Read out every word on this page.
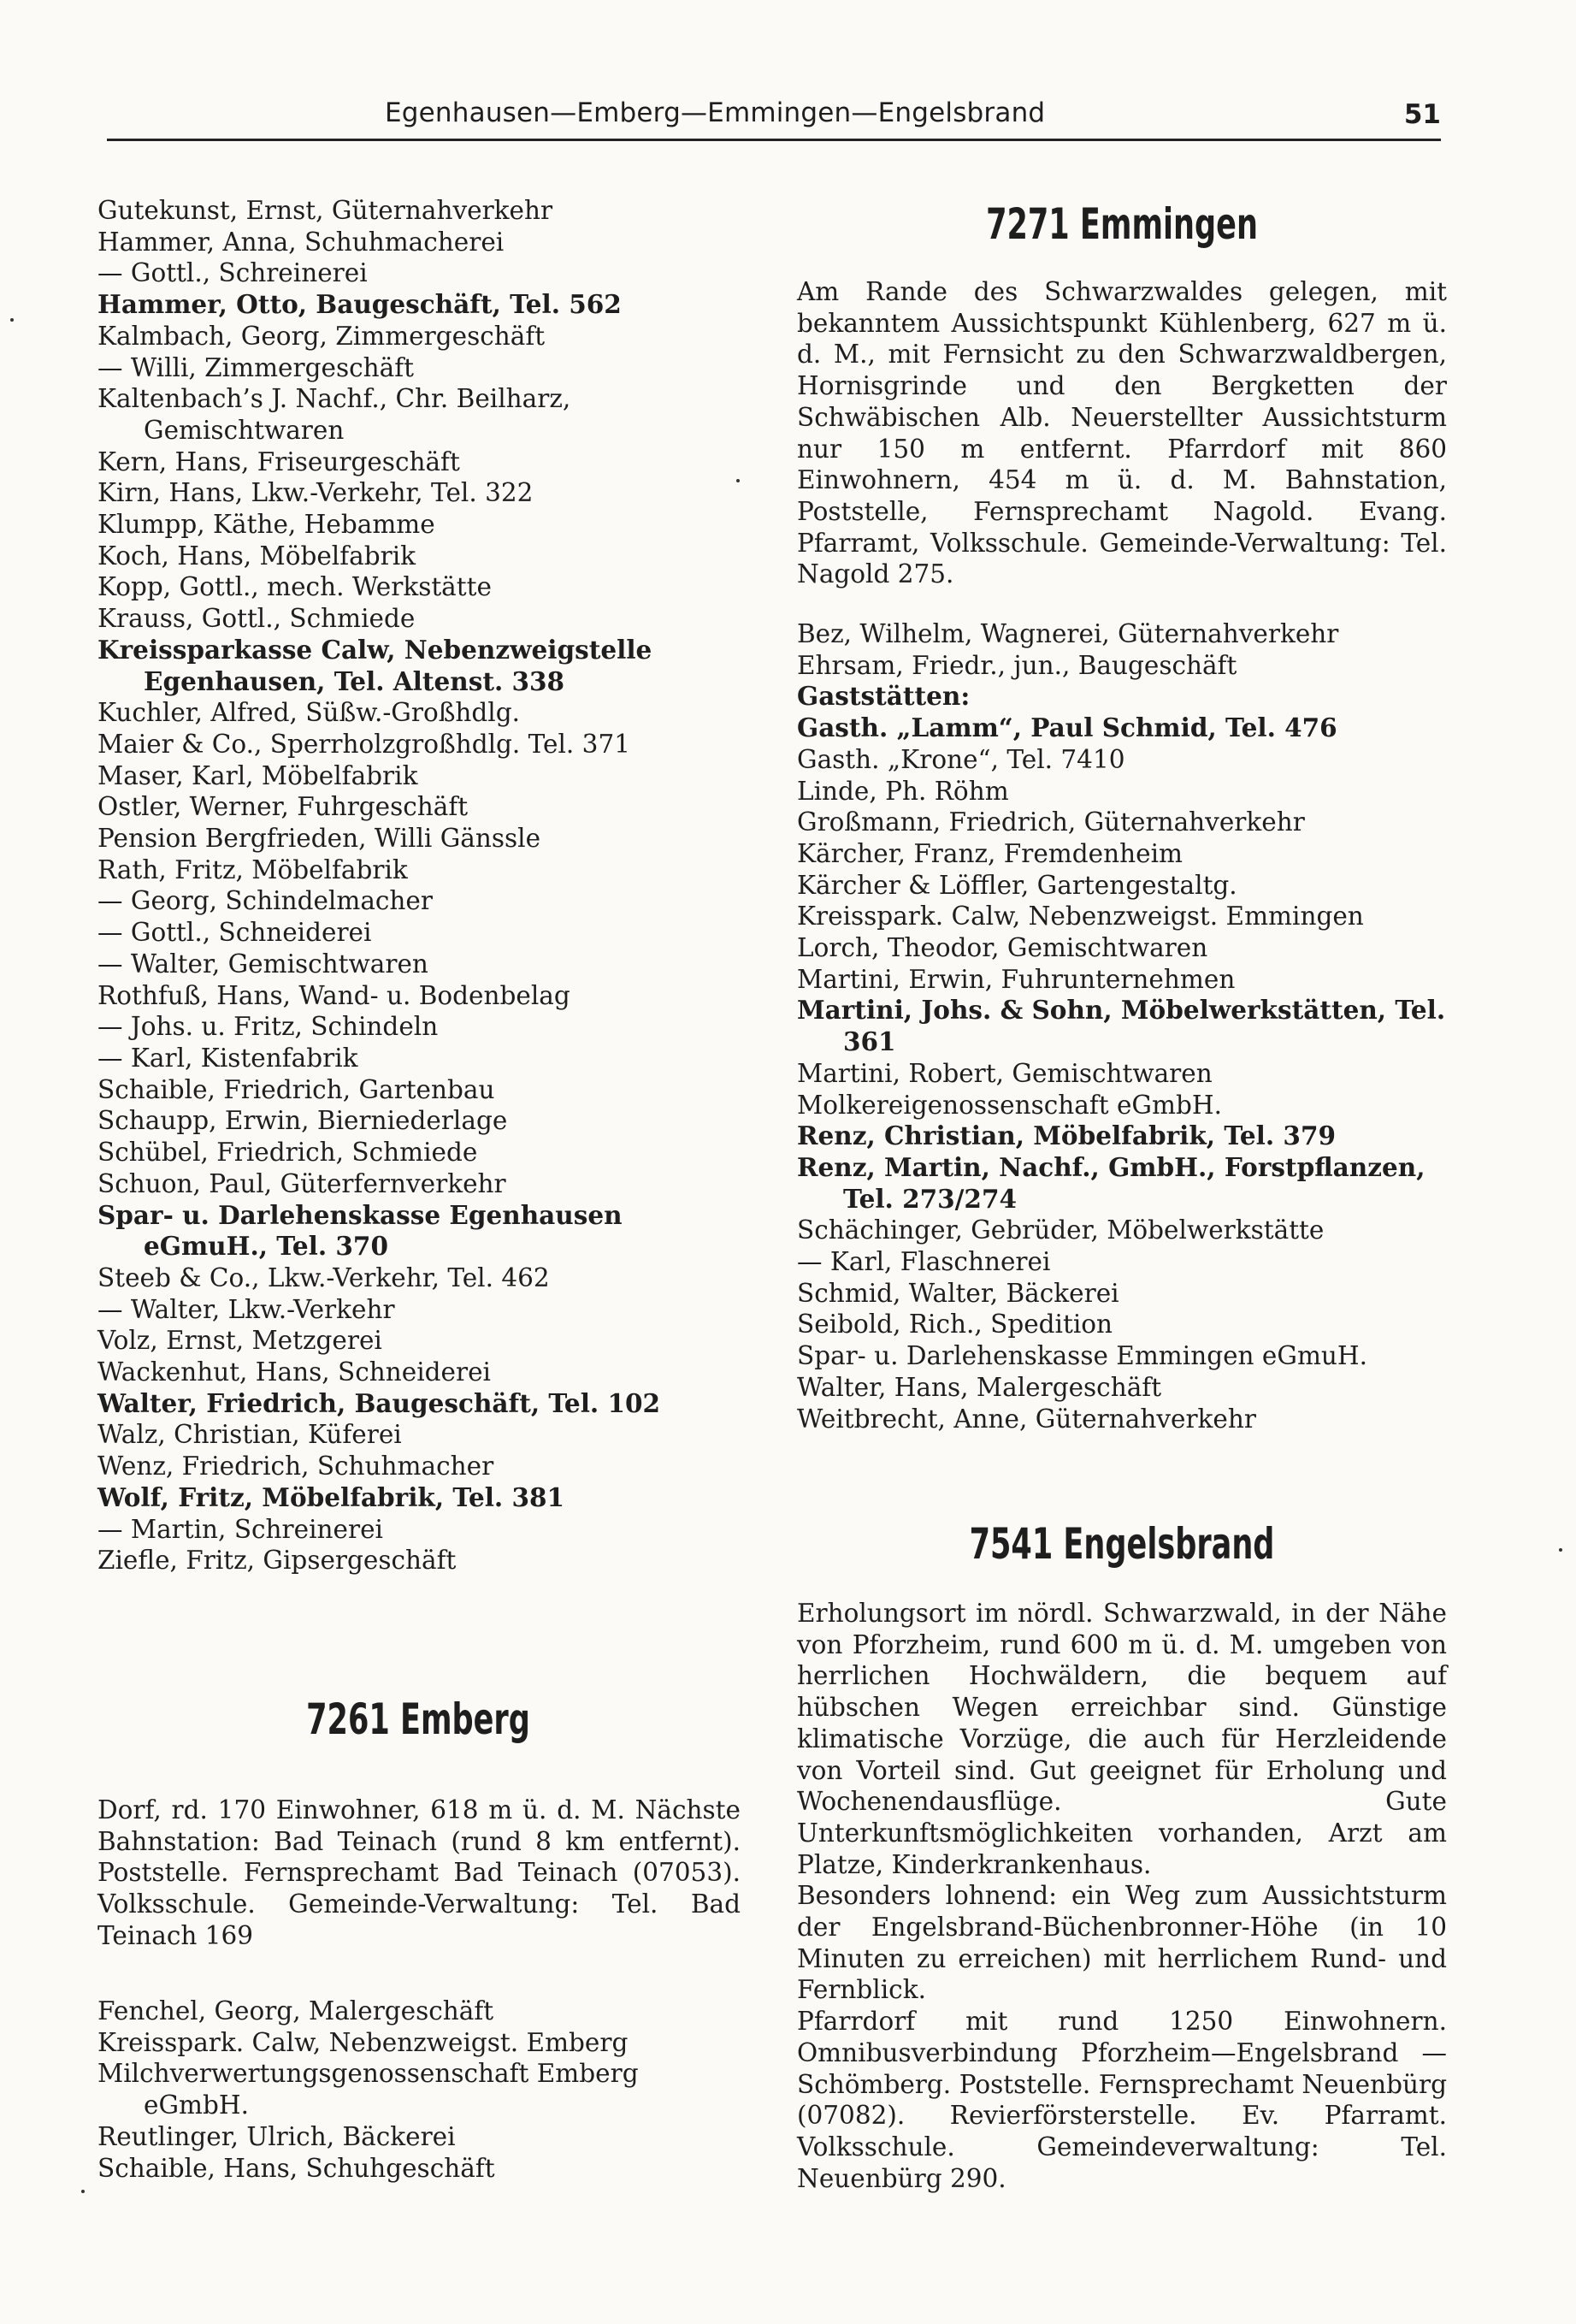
Egenhausen—Emberg—Emmingen—Engelsbrand	51

Gutekunst, Ernst, Güternahverkehr

Hammer, Anna, Schuhmacherei

— Gottl., Schreinerei

Hammer, Otto, Baugeschäft, Tel. 562

Kalmbach, Georg, Zimmergeschäft

— Willi, Zimmergeschäft

Kaltenbach’s J. Nachf., Chr. Beilharz, Gemischtwaren

Kern, Hans, Friseurgeschäft

Kirn, Hans, Lkw.-Verkehr, Tel. 322

Klumpp, Käthe, Hebamme

Koch, Hans, Möbelfabrik

Kopp, Gottl., mech. Werkstätte

Krauss, Gottl., Schmiede

Kreissparkasse Calw, Nebenzweigstelle Egenhausen, Tel. Altenst. 338

Kuchler, Alfred, Süßw.-Großhdlg.

Maier & Co., Sperrholzgroßhdlg. Tel. 371

Maser, Karl, Möbelfabrik

Ostler, Werner, Fuhrgeschäft

Pension Bergfrieden, Willi Gänssle

Rath, Fritz, Möbelfabrik

— Georg, Schindelmacher

— Gottl., Schneiderei

— Walter, Gemischtwaren

Rothfuß, Hans, Wand- u. Bodenbelag

— Johs. u. Fritz, Schindeln

— Karl, Kistenfabrik

Schaible, Friedrich, Gartenbau

Schaupp, Erwin, Bierniederlage

Schübel, Friedrich, Schmiede

Schuon, Paul, Güterfernverkehr

Spar- u. Darlehenskasse Egenhausen eGmuH., Tel. 370

Steeb & Co., Lkw.-Verkehr, Tel. 462

— Walter, Lkw.-Verkehr

Volz, Ernst, Metzgerei

Wackenhut, Hans, Schneiderei

Walter, Friedrich, Baugeschäft, Tel. 102

Walz, Christian, Küferei

Wenz, Friedrich, Schuhmacher

Wolf, Fritz, Möbelfabrik, Tel. 381

— Martin, Schreinerei

Ziefle, Fritz, Gipsergeschäft

7261 Emberg

Dorf, rd. 170 Einwohner, 618 m ü. d. M. Nächste Bahnstation: Bad Teinach (rund 8 km entfernt). Poststelle. Fernsprechamt Bad Teinach (07053). Volksschule. Gemeinde-Verwaltung: Tel. Bad Teinach 169

Fenchel, Georg, Malergeschäft

Kreisspark. Calw, Nebenzweigst. Emberg

Milchverwertungsgenossenschaft Emberg eGmbH.

Reutlinger, Ulrich, Bäckerei

Schaible, Hans, Schuhgeschäft

7271 Emmingen

Am Rande des Schwarzwaldes gelegen, mit bekanntem Aussichtspunkt Kühlenberg, 627 m ü. d. M., mit Fernsicht zu den Schwarzwaldbergen, Hornisgrinde und den Bergketten der Schwäbischen Alb. Neuerstellter Aussichtsturm nur 150 m entfernt. Pfarrdorf mit 860 Einwohnern, 454 m ü. d. M. Bahnstation, Poststelle, Fernsprechamt Nagold. Evang. Pfarramt, Volksschule. Gemeinde-Verwaltung: Tel. Nagold 275.

Bez, Wilhelm, Wagnerei, Güternahverkehr

Ehrsam, Friedr., jun., Baugeschäft

Gaststätten:

Gasth. „Lamm“, Paul Schmid, Tel. 476

Gasth. „Krone“, Tel. 7410

Linde, Ph. Röhm

Großmann, Friedrich, Güternahverkehr

Kärcher, Franz, Fremdenheim

Kärcher & Löffler, Gartengestaltg.

Kreisspark. Calw, Nebenzweigst. Emmingen

Lorch, Theodor, Gemischtwaren

Martini, Erwin, Fuhrunternehmen

Martini, Johs. & Sohn, Möbelwerkstätten, Tel. 361

Martini, Robert, Gemischtwaren

Molkereigenossenschaft eGmbH.

Renz, Christian, Möbelfabrik, Tel. 379

Renz, Martin, Nachf., GmbH., Forstpflanzen, Tel. 273/274

Schächinger, Gebrüder, Möbelwerkstätte

— Karl, Flaschnerei

Schmid, Walter, Bäckerei

Seibold, Rich., Spedition

Spar- u. Darlehenskasse Emmingen eGmuH.

Walter, Hans, Malergeschäft

Weitbrecht, Anne, Güternahverkehr

7541 Engelsbrand

Erholungsort im nördl. Schwarzwald, in der Nähe von Pforzheim, rund 600 m ü. d. M. umgeben von herrlichen Hochwäldern, die bequem auf hübschen Wegen erreichbar sind. Günstige klimatische Vorzüge, die auch für Herzleidende von Vorteil sind. Gut geeignet für Erholung und Wochenendausflüge. Gute Unterkunftsmöglichkeiten vorhanden, Arzt am Platze, Kinderkrankenhaus.

Besonders lohnend: ein Weg zum Aussichtsturm der Engelsbrand-Büchenbronner-Höhe (in 10 Minuten zu erreichen) mit herrlichem Rund- und Fernblick.

Pfarrdorf mit rund 1250 Einwohnern. Omnibusverbindung Pforzheim—Engelsbrand —Schömberg. Poststelle. Fernsprechamt Neuenbürg (07082). Revierförsterstelle. Ev. Pfarramt. Volksschule. Gemeindeverwaltung: Tel. Neuenbürg 290.
